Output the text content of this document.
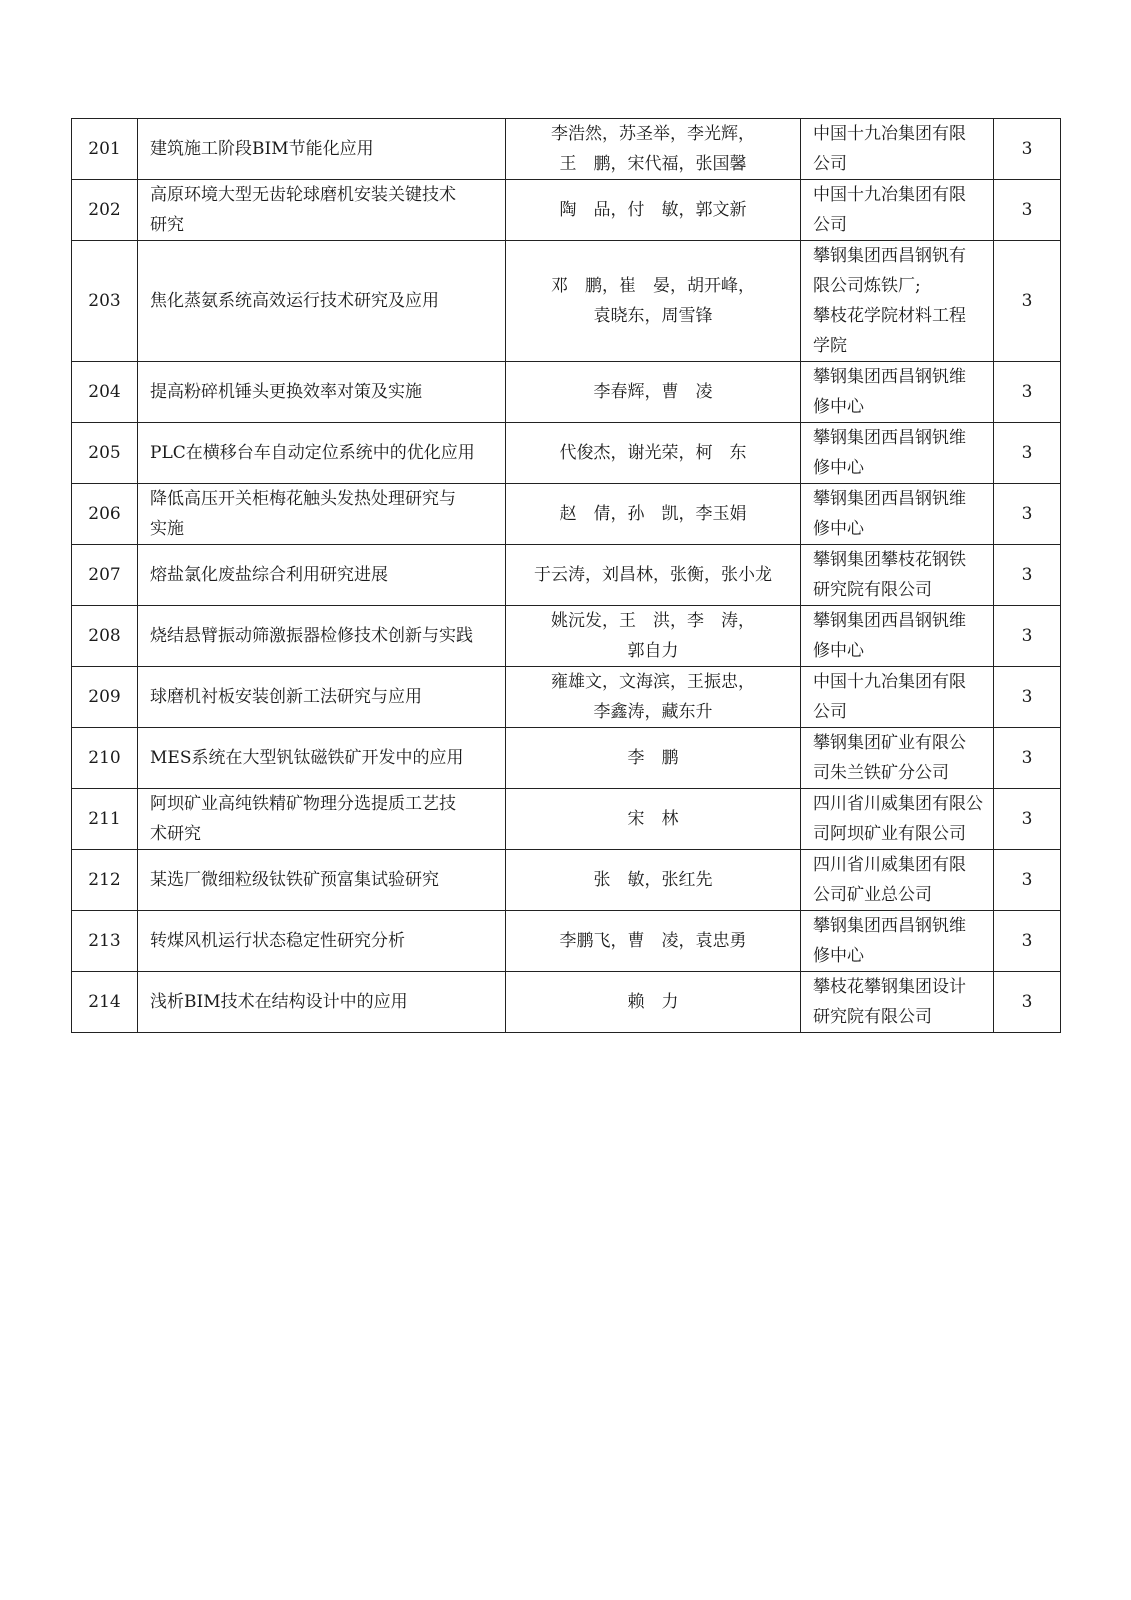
201	建筑施工阶段BIM节能化应用	李浩然，苏圣举，李光辉，
王　鹏，宋代福，张国馨	中国十九冶集团有限
公司	3
202	高原环境大型无齿轮球磨机安装关键技术
研究	陶　品，付　敏，郭文新	中国十九冶集团有限
公司	3
203	焦化蒸氨系统高效运行技术研究及应用	邓　鹏，崔　晏，胡开峰，
袁晓东，周雪锋	攀钢集团西昌钢钒有
限公司炼铁厂;
攀枝花学院材料工程
学院	3
204	提高粉碎机锤头更换效率对策及实施	李春辉，曹　凌	攀钢集团西昌钢钒维
修中心	3
205	PLC在横移台车自动定位系统中的优化应用	代俊杰，谢光荣，柯　东	攀钢集团西昌钢钒维
修中心	3
206	降低高压开关柜梅花触头发热处理研究与
实施	赵　倩，孙　凯，李玉娟	攀钢集团西昌钢钒维
修中心	3
207	熔盐氯化废盐综合利用研究进展	于云涛，刘昌林，张衡，张小龙	攀钢集团攀枝花钢铁
研究院有限公司	3
208	烧结悬臂振动筛激振器检修技术创新与实践	姚沅发，王　洪，李　涛，
郭自力	攀钢集团西昌钢钒维
修中心	3
209	球磨机衬板安装创新工法研究与应用	雍雄文，文海滨，王振忠，
李鑫涛，藏东升	中国十九冶集团有限
公司	3
210	MES系统在大型钒钛磁铁矿开发中的应用	李　鹏	攀钢集团矿业有限公
司朱兰铁矿分公司	3
211	阿坝矿业高纯铁精矿物理分选提质工艺技
术研究	宋　林	四川省川威集团有限公
司阿坝矿业有限公司	3
212	某选厂微细粒级钛铁矿预富集试验研究	张　敏，张红先	四川省川威集团有限
公司矿业总公司	3
213	转煤风机运行状态稳定性研究分析	李鹏飞，曹　凌，袁忠勇	攀钢集团西昌钢钒维
修中心	3
214	浅析BIM技术在结构设计中的应用	赖　力	攀枝花攀钢集团设计
研究院有限公司	3
